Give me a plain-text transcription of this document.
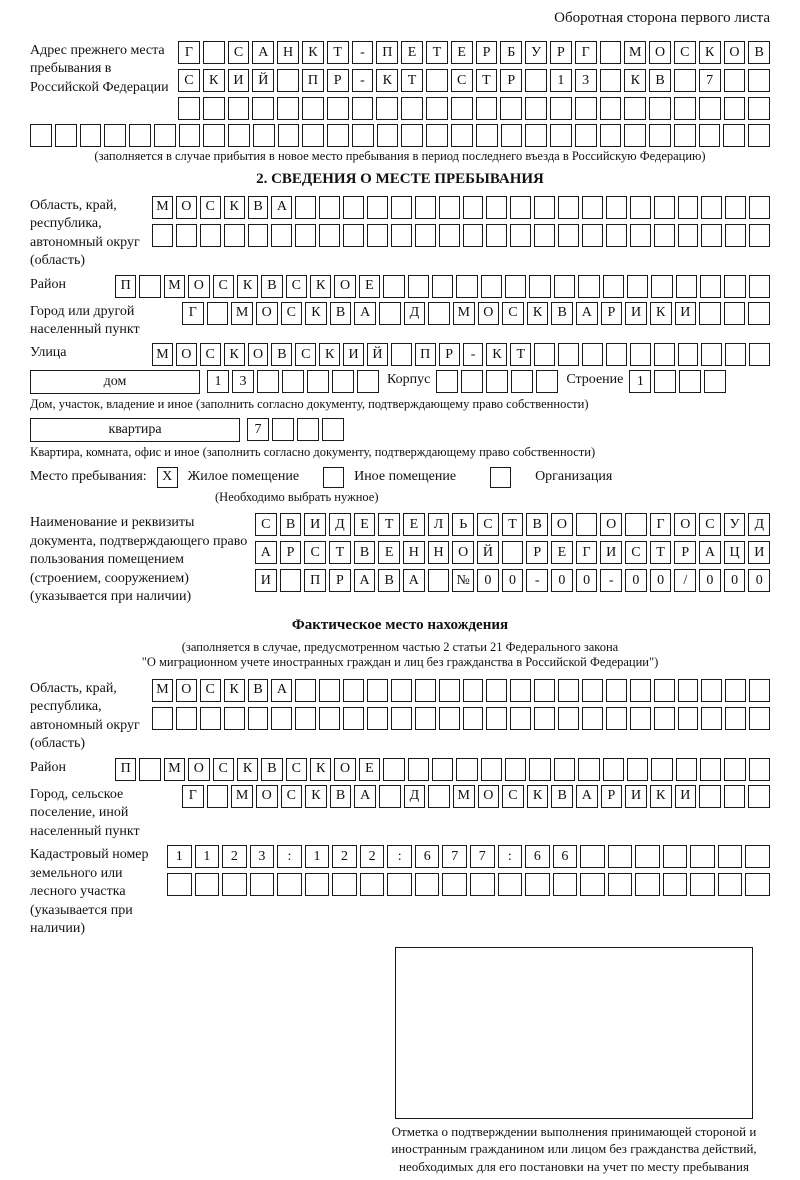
Оборотная сторона первого листа
Адрес прежнего места пребывания в Российской Федерации
Г	С	А	Н	К	Т	-	П	Е	Т	Е	Р	Б	У	Р	Г	М О	С	К	О	В
С	К	И	Й	П	Р	-	К	Т	С	Т	Р	1	3	К	В	7
(заполняется в случае прибытия в новое место пребывания в период последнего въезда в Российскую Федерацию)
2. СВЕДЕНИЯ О МЕСТЕ ПРЕБЫВАНИЯ
Область, край, республика, автономный округ (область)
М О	С	К	В	А
Район	П	М О	С	К	В	С	К	О	Е
Город или другой населенный пункт
Г	М О	С	К	В	А	Д	М О	С	К	В	А	Р	И	К	И
Улица	М О	С	К	О	В	С	К	И Й	П	Р	-	К	Т
дом	1	3	Корпус	Строение 1
Дом, участок, владение и иное (заполнить согласно документу, подтверждающему право собственности)
квартира	7
Квартира, комната, офис и иное (заполнить согласно документу, подтверждающему право собственности)
Место пребывания:	X	Жилое помещение	Иное помещение	Организация
(Необходимо выбрать нужное)
Наименование и реквизиты документа, подтверждающего право пользования помещением (строением, сооружением) (указывается при наличии)
С	В	И	Д	Е	Т	Е	Л	Ь	С	Т	В	О	О	Г	О	С	У	Д
А	Р	С	Т	В	Е	Н	Н	О	Й	Р	Е	Г	И	С	Т	Р	А	Ц	И
И	П	Р	А	В	А	№	0	0	-	0	0	-	0	0	/	0	0	0
Фактическое место нахождения
(заполняется в случае, предусмотренном частью 2 статьи 21 Федерального закона
"О миграционном учете иностранных граждан и лиц без гражданства в Российской Федерации")
Область, край, республика, автономный округ (область)
М О	С	К	В	А
Район	П	М О	С	К	В	С	К	О	Е
Город, сельское поселение, иной населенный пункт
Г	М О	С	К	В	А	Д	М О	С	К	В	А	Р	И	К	И
Кадастровый номер земельного или лесного участка (указывается при наличии)
1	1	2	3	:	1	2	2	:	6	7	7	:	6	6
Отметка о подтверждении выполнения принимающей стороной и иностранным гражданином или лицом без гражданства действий, необходимых для его постановки на учет по месту пребывания
